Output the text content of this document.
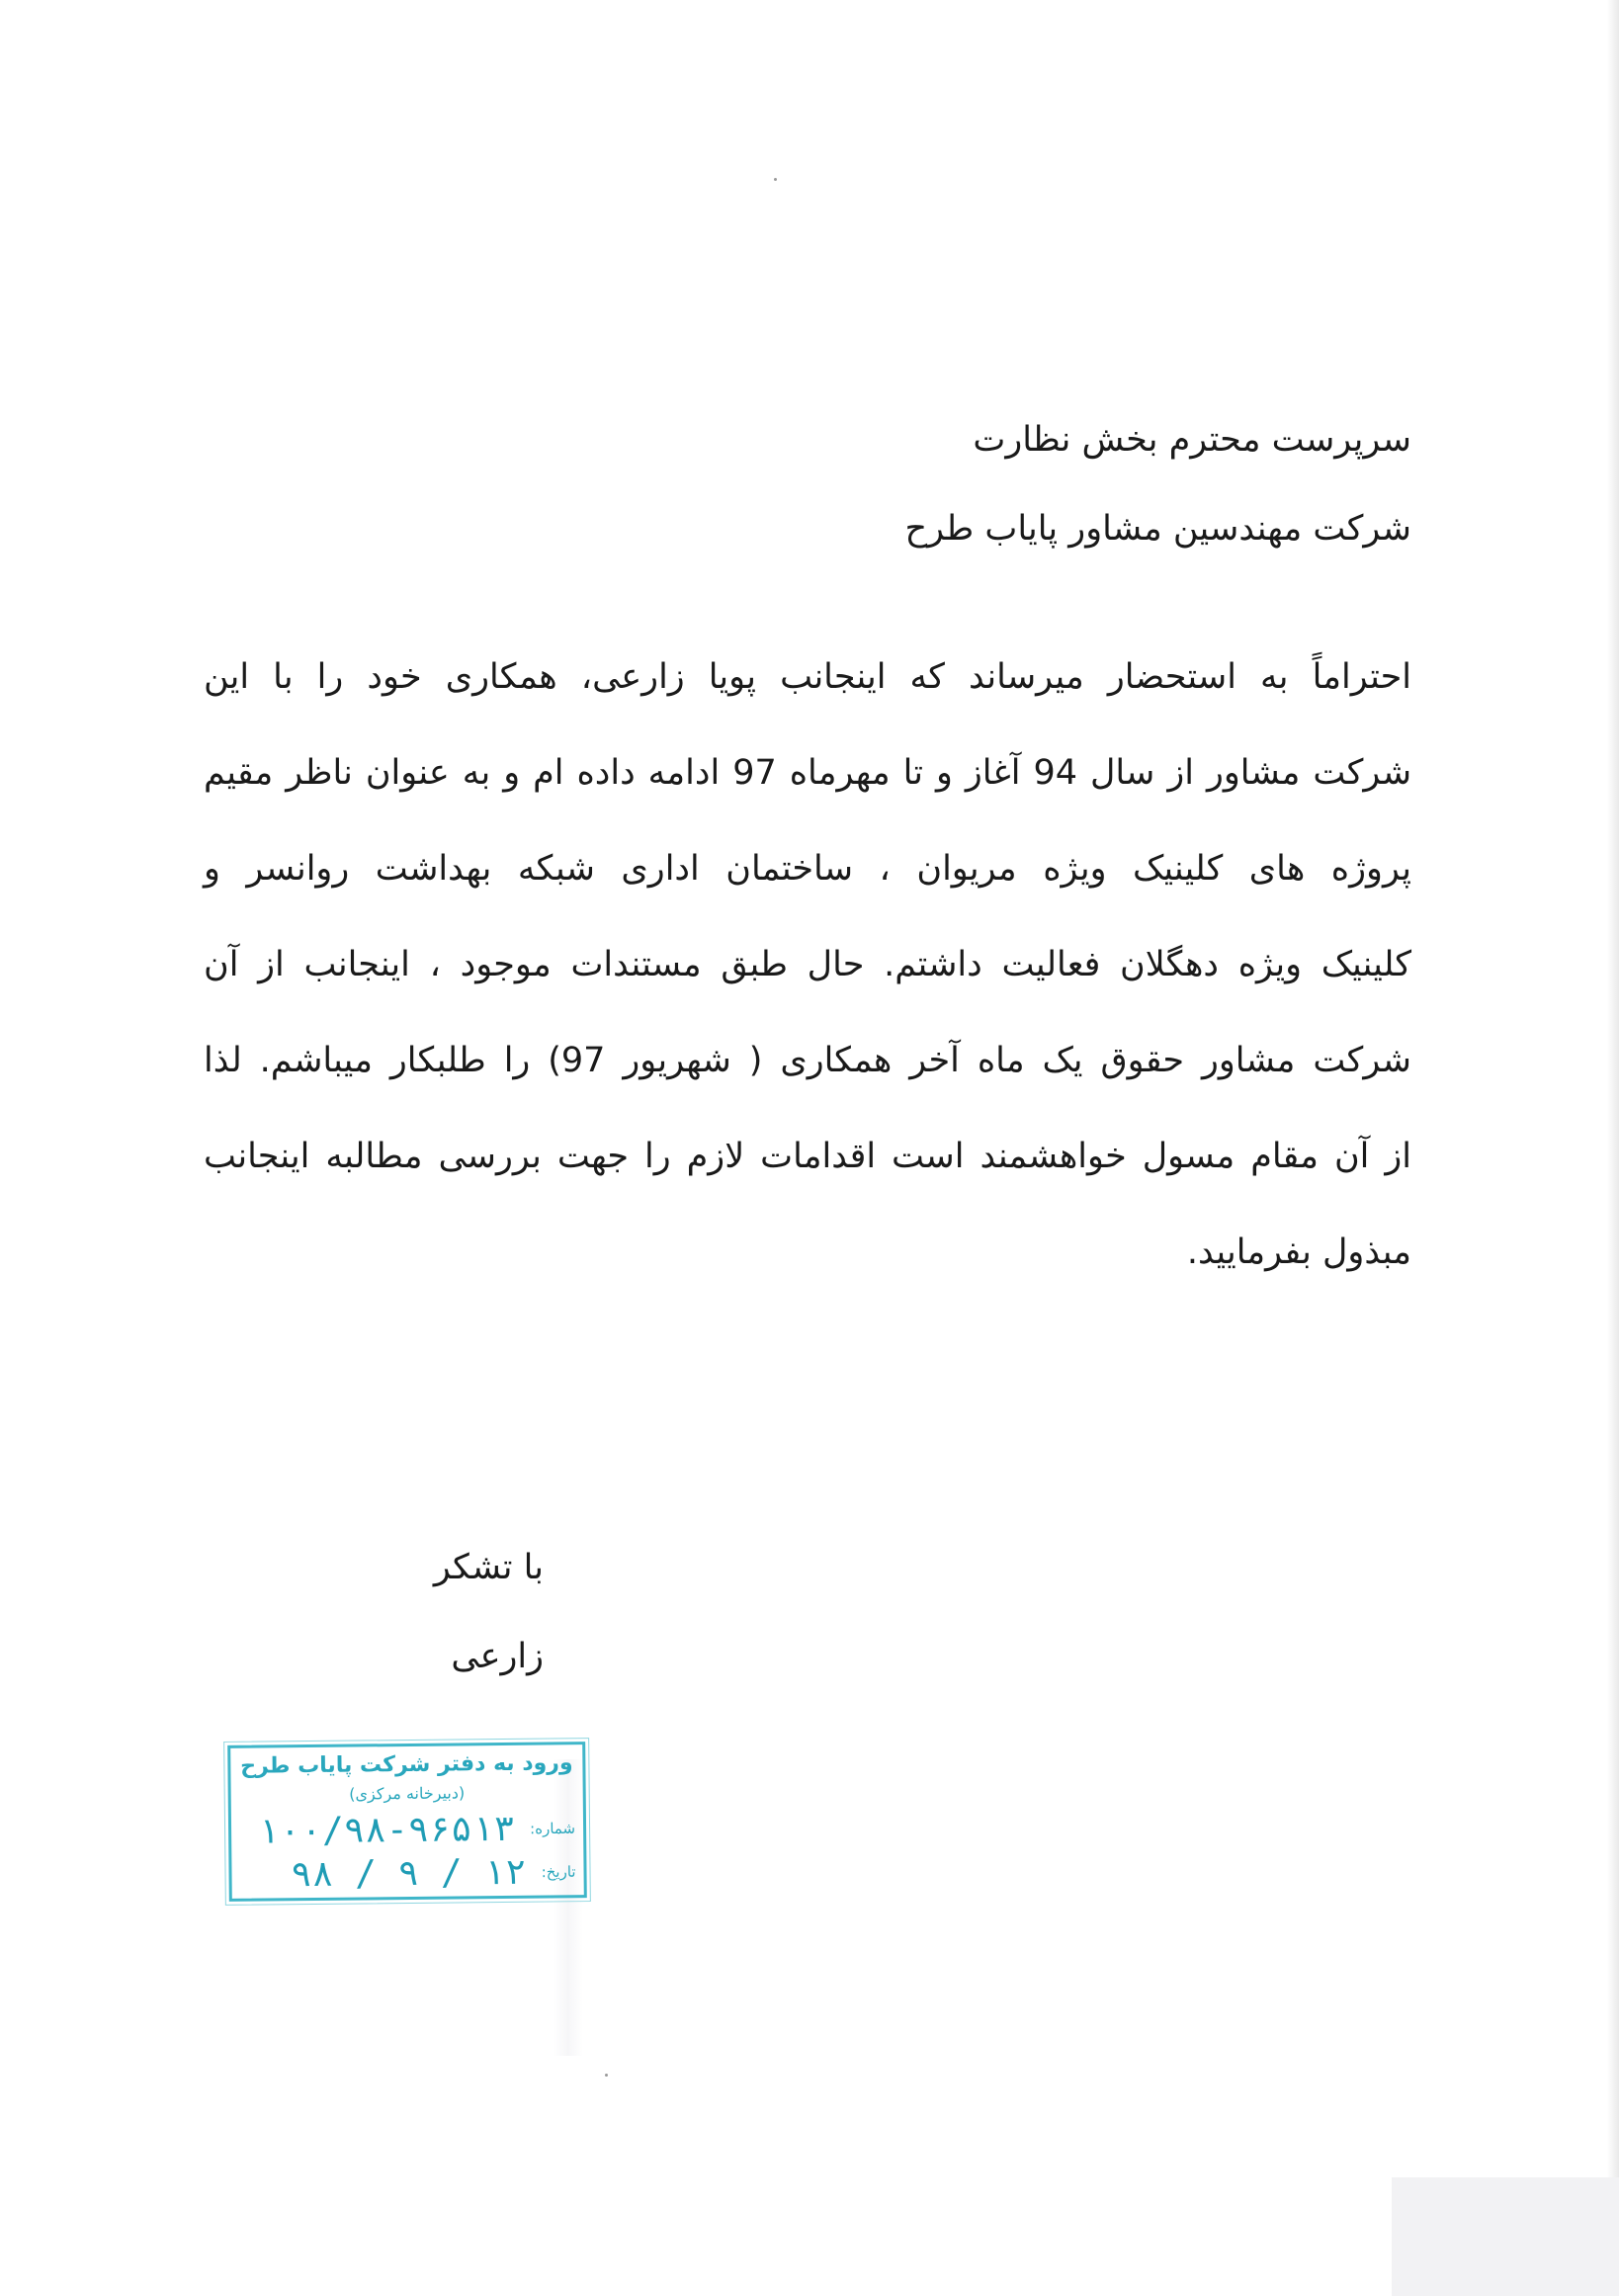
سرپرست محترم بخش نظارت
شرکت مهندسین مشاور پایاب طرح
احتراماً به استحضار میرساند که اینجانب پویا زارعی، همکاری خود را با این
شرکت مشاور از سال 94 آغاز و تا مهرماه 97 ادامه داده ام و به عنوان ناظر مقیم
پروژه های کلینیک ویژه مریوان ، ساختمان اداری شبکه بهداشت روانسر و
کلینیک ویژه دهگلان فعالیت داشتم. حال طبق مستندات موجود ، اینجانب از آن
شرکت مشاور حقوق یک ماه آخر همکاری ( شهریور 97) را طلبکار میباشم. لذا
از آن مقام مسول خواهشمند است اقدامات لازم را جهت بررسی مطالبه اینجانب
مبذول بفرمایید.
با تشکر
زارعی
ورود به دفتر شرکت پایاب طرح
(دبیرخانه مرکزی)
شماره: ۱۰۰/۹۸-۹۶۵۱۳
تاریخ: ۹۸ / ۹ / ۱۲
